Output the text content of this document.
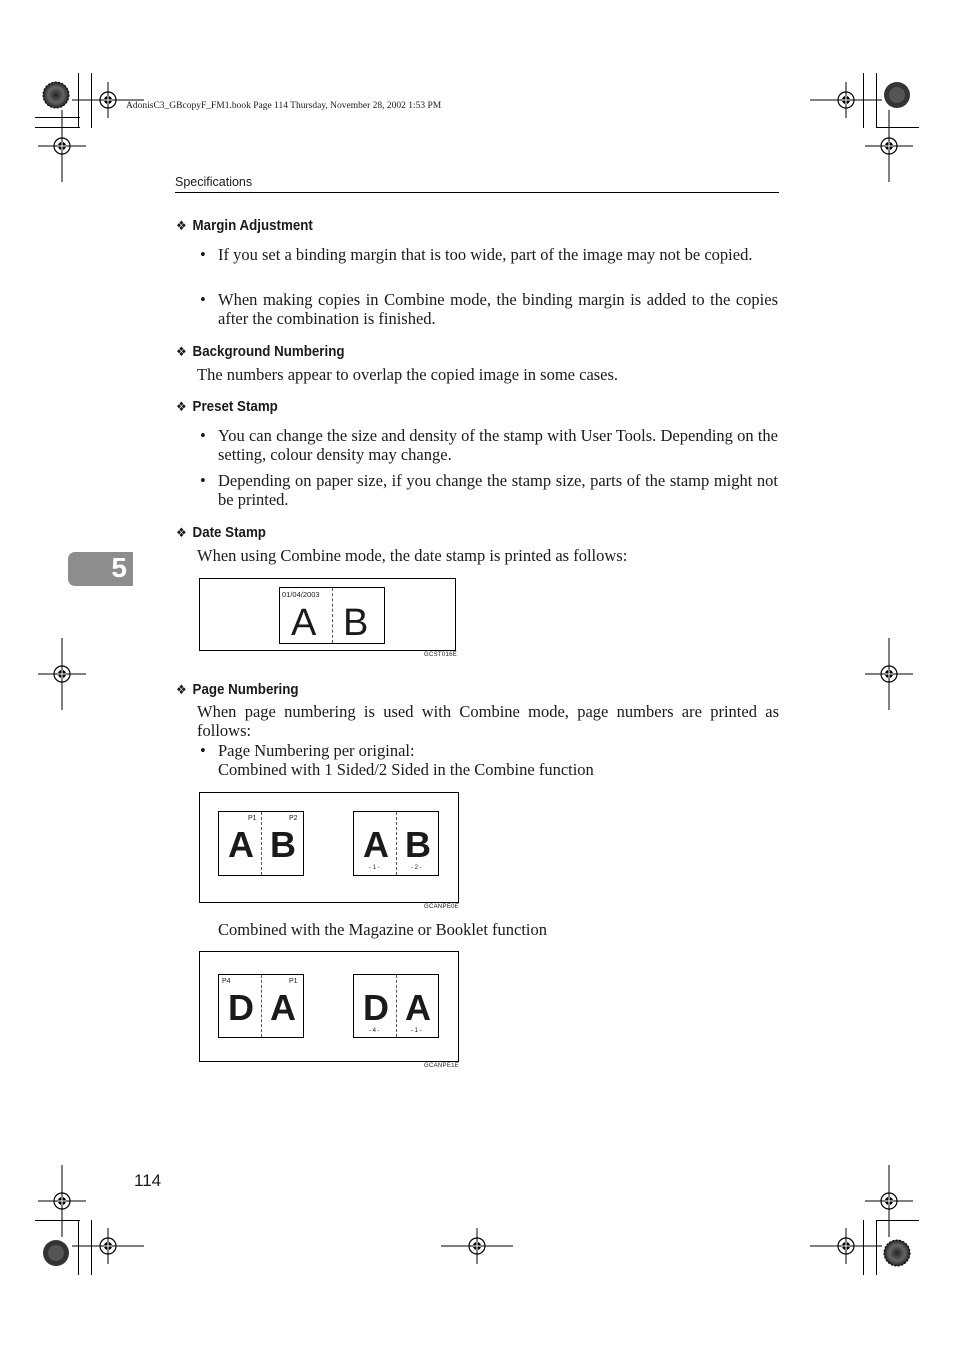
AdonisC3_GBcopyF_FM1.book Page 114 Thursday, November 28, 2002 1:53 PM
Specifications
5
❖ Margin Adjustment
• If you set a binding margin that is too wide, part of the image may not be copied.
• When making copies in Combine mode, the binding margin is added to the copies after the combination is finished.
❖ Background Numbering
The numbers appear to overlap the copied image in some cases.
❖ Preset Stamp
• You can change the size and density of the stamp with User Tools. Depending on the setting, colour density may change.
• Depending on paper size, if you change the stamp size, parts of the stamp might not be printed.
❖ Date Stamp
When using Combine mode, the date stamp is printed as follows:
01/04/2003
A B
GCST016E
❖ Page Numbering
When page numbering is used with Combine mode, page numbers are printed as follows:
• Page Numbering per original:
Combined with 1 Sided/2 Sided in the Combine function
P1	P2
A B A B
- 1 -	- 2 -
GCANPE0E
Combined with the Magazine or Booklet function
P4	P1
D A D A
- 4 -	- 1 -
GCANPE1E
114
